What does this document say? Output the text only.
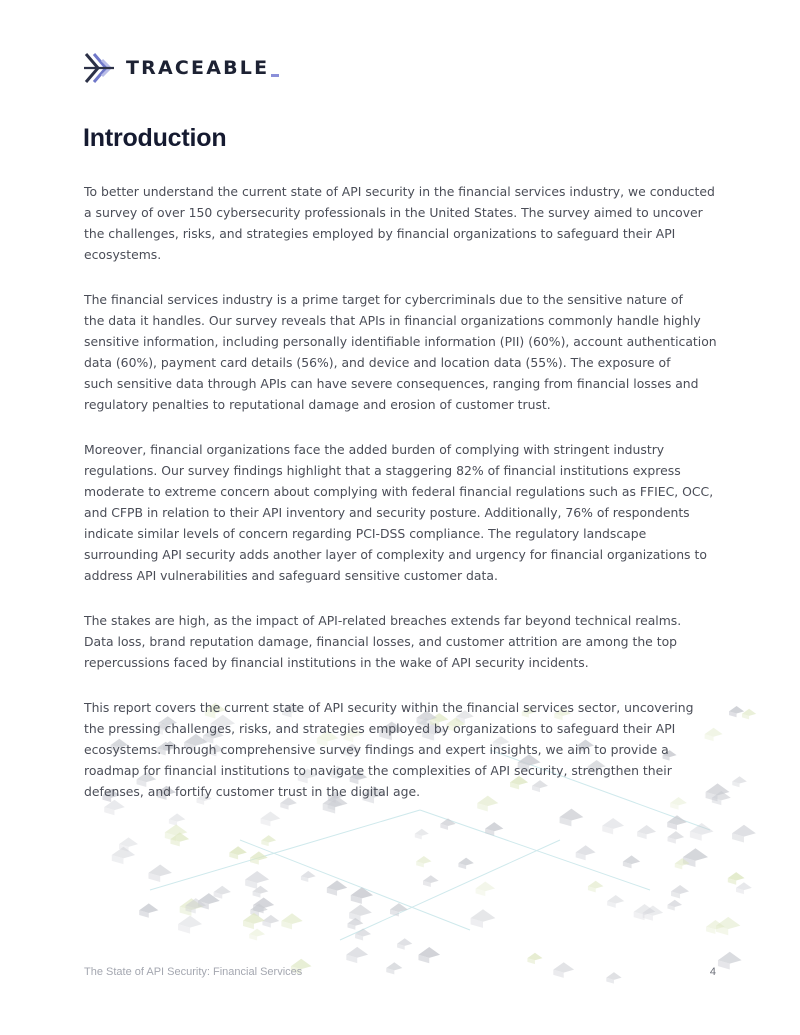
TRACEABLE
Introduction

To better understand the current state of API security in the financial services industry, we conducted
a survey of over 150 cybersecurity professionals in the United States. The survey aimed to uncover
the challenges, risks, and strategies employed by financial organizations to safeguard their API
ecosystems.

The financial services industry is a prime target for cybercriminals due to the sensitive nature of
the data it handles. Our survey reveals that APIs in financial organizations commonly handle highly
sensitive information, including personally identifiable information (PII) (60%), account authentication
data (60%), payment card details (56%), and device and location data (55%). The exposure of
such sensitive data through APIs can have severe consequences, ranging from financial losses and
regulatory penalties to reputational damage and erosion of customer trust.

Moreover, financial organizations face the added burden of complying with stringent industry
regulations. Our survey findings highlight that a staggering 82% of financial institutions express
moderate to extreme concern about complying with federal financial regulations such as FFIEC, OCC,
and CFPB in relation to their API inventory and security posture. Additionally, 76% of respondents
indicate similar levels of concern regarding PCI-DSS compliance. The regulatory landscape
surrounding API security adds another layer of complexity and urgency for financial organizations to
address API vulnerabilities and safeguard sensitive customer data.

The stakes are high, as the impact of API-related breaches extends far beyond technical realms.
Data loss, brand reputation damage, financial losses, and customer attrition are among the top
repercussions faced by financial institutions in the wake of API security incidents.

This report covers the current state of API security within the financial services sector, uncovering
the pressing challenges, risks, and strategies employed by organizations to safeguard their API
ecosystems. Through comprehensive survey findings and expert insights, we aim to provide a
roadmap for financial institutions to navigate the complexities of API security, strengthen their
defenses, and fortify customer trust in the digital age.

The State of API Security: Financial Services	4
